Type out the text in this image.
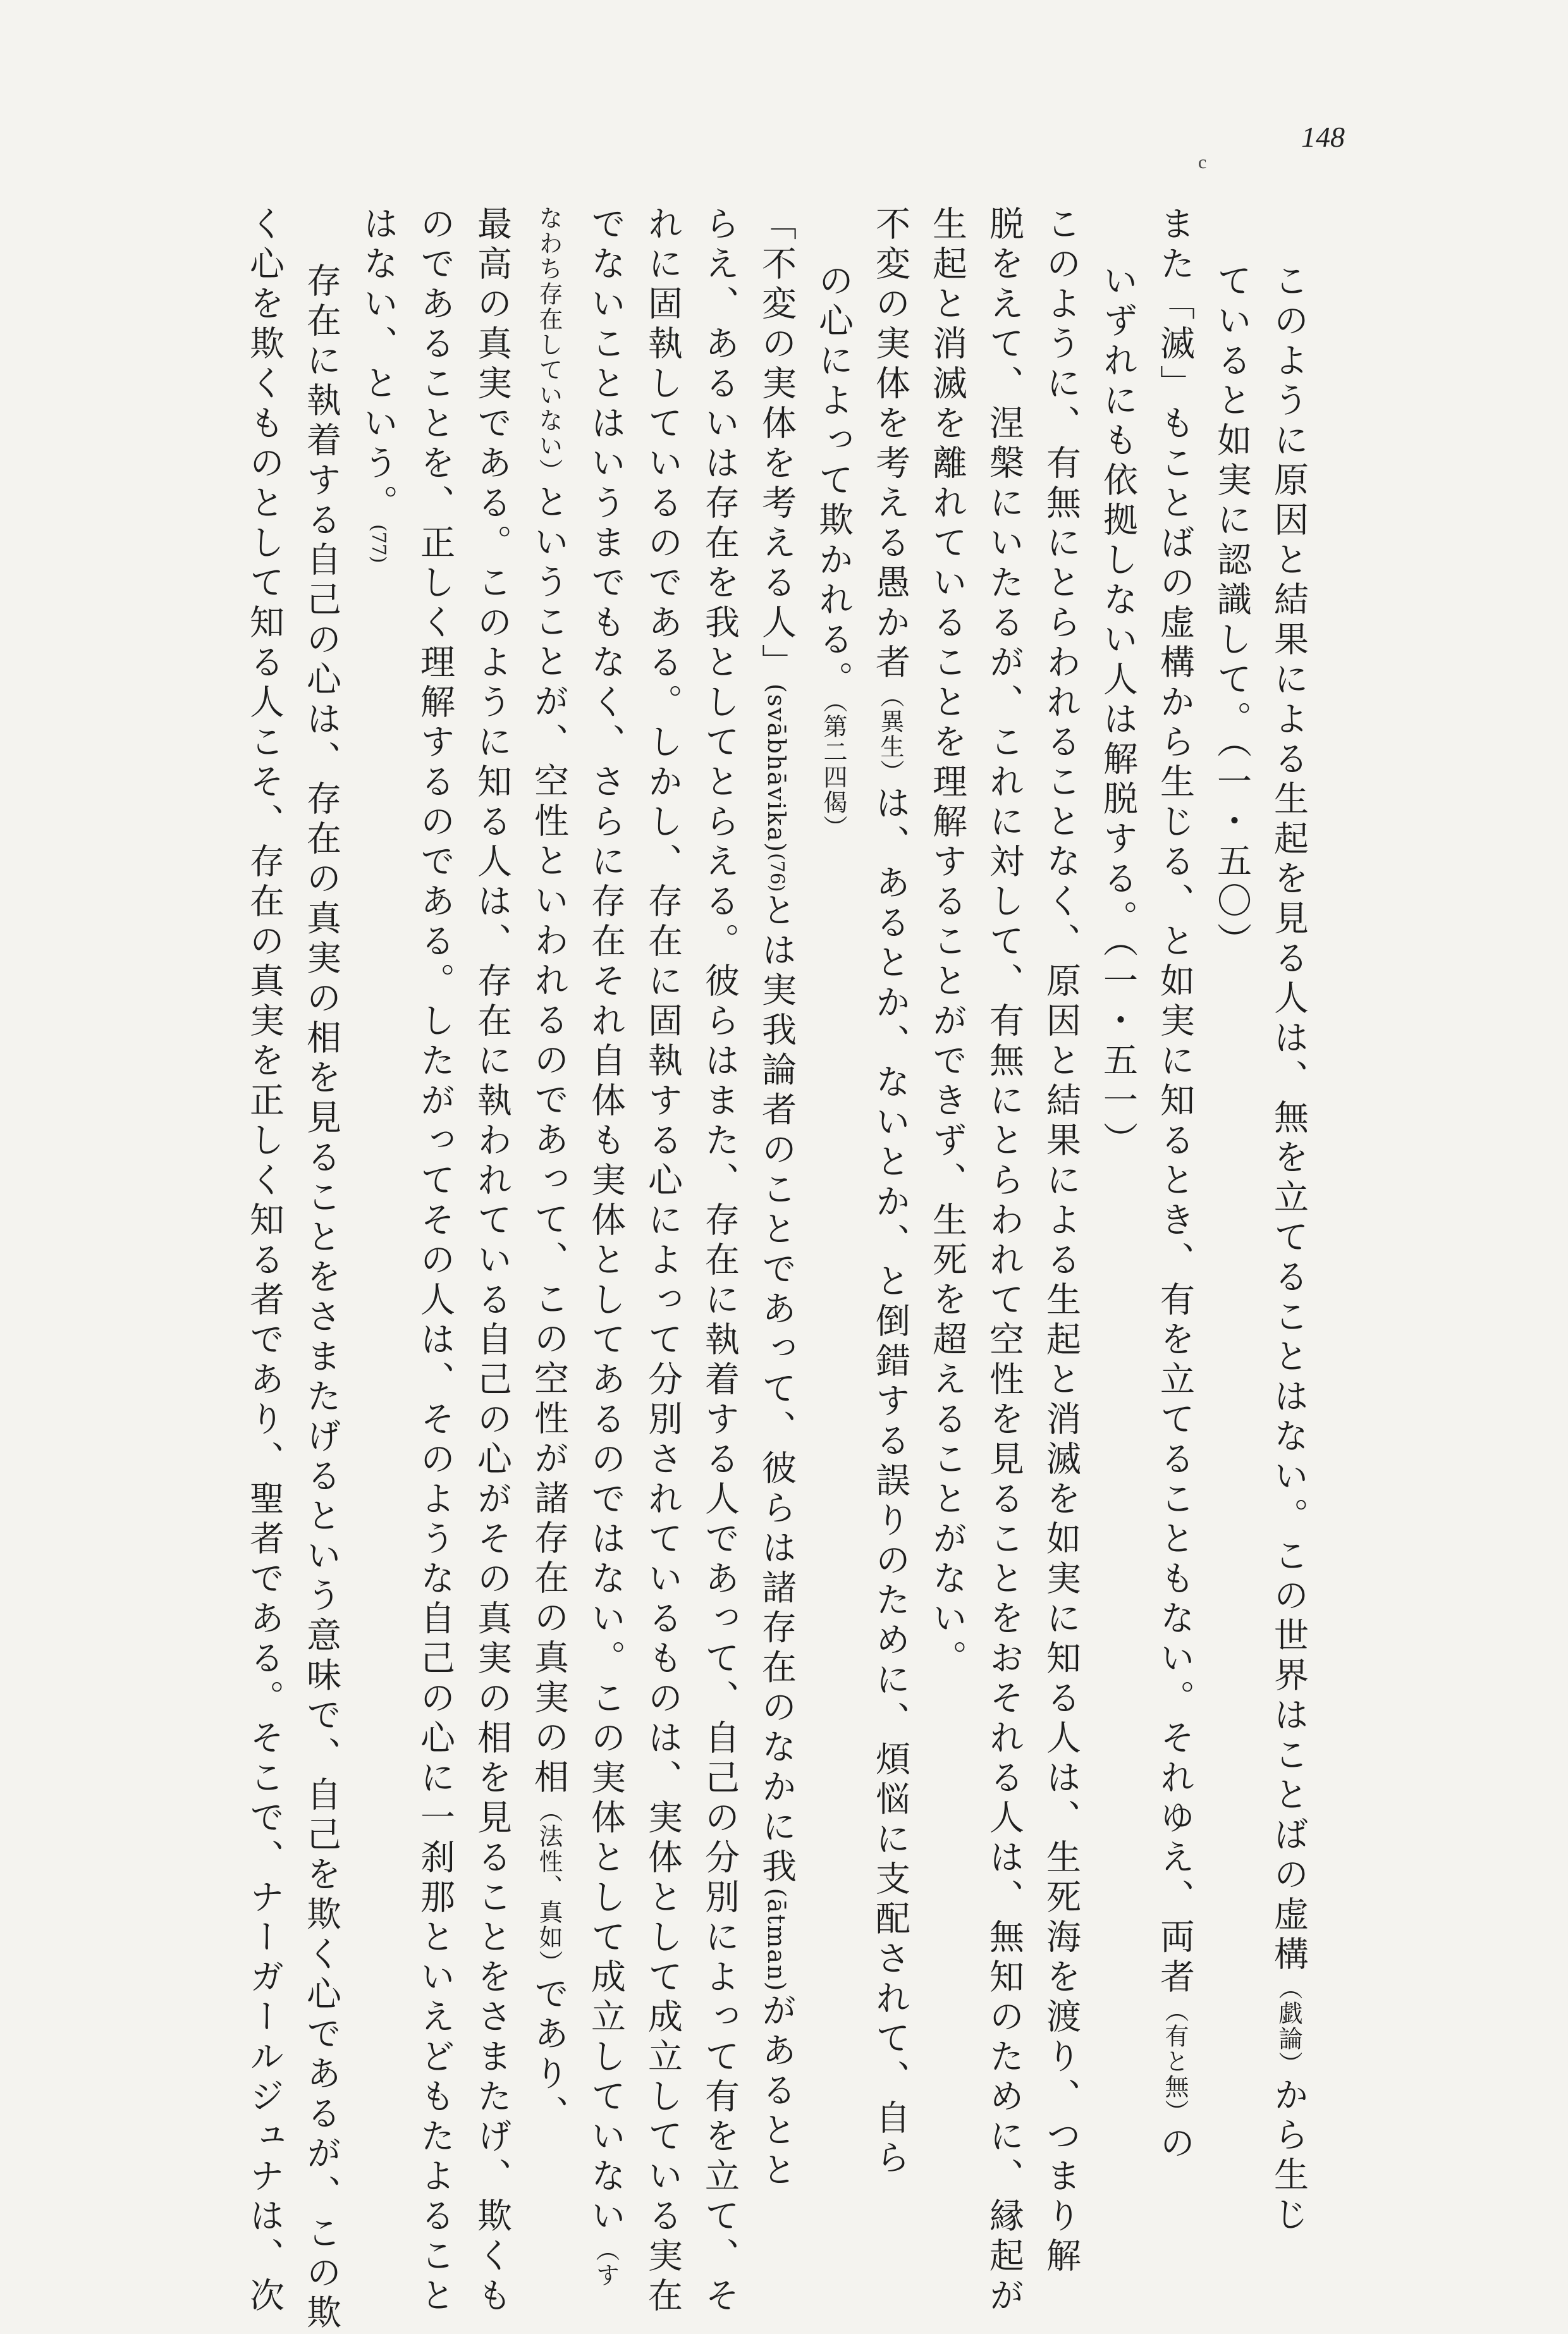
148
c
このように原因と結果による生起を見る人は、無を立てることはない。この世界はことばの虚構（戯論）から生じ
ていると如実に認識して。（一・五〇）
また「滅」もことばの虚構から生じる、と如実に知るとき、有を立てることもない。それゆえ、両者（有と無）の
いずれにも依拠しない人は解脱する。（一・五一）
このように、有無にとらわれることなく、原因と結果による生起と消滅を如実に知る人は、生死海を渡り、つまり解
脱をえて、涅槃にいたるが、これに対して、有無にとらわれて空性を見ることをおそれる人は、無知のために、縁起が
生起と消滅を離れていることを理解することができず、生死を超えることがない。
不変の実体を考える愚か者（異生）は、あるとか、ないとか、と倒錯する誤りのために、煩悩に支配されて、自ら
の心によって欺かれる。（第二四偈）
「不変の実体を考える人」(svābhāvika)(76)とは実我論者のことであって、彼らは諸存在のなかに我(ātman)があるとと
らえ、あるいは存在を我としてとらえる。彼らはまた、存在に執着する人であって、自己の分別によって有を立て、そ
れに固執しているのである。しかし、存在に固執する心によって分別されているものは、実体として成立している実在
でないことはいうまでもなく、さらに存在それ自体も実体としてあるのではない。この実体として成立していない（す
なわち存在していない）ということが、空性といわれるのであって、この空性が諸存在の真実の相（法性、真如）であり、
最高の真実である。このように知る人は、存在に執われている自己の心がその真実の相を見ることをさまたげ、欺くも
のであることを、正しく理解するのである。したがってその人は、そのような自己の心に一刹那といえどもたよること
はない、という。(77)
存在に執着する自己の心は、存在の真実の相を見ることをさまたげるという意味で、自己を欺く心であるが、この欺
く心を欺くものとして知る人こそ、存在の真実を正しく知る者であり、聖者である。そこで、ナーガールジュナは、次
